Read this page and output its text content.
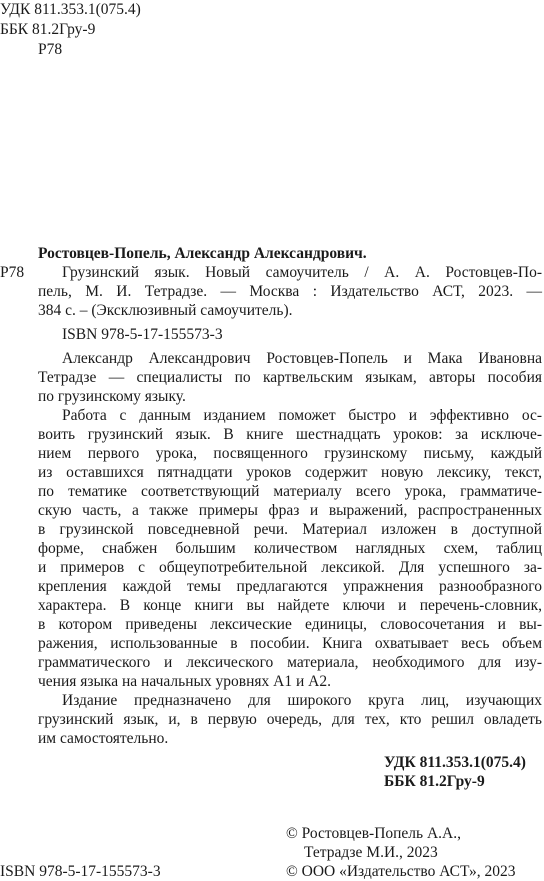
УДК 811.353.1(075.4)
ББК 81.2Гру-9
Р78
Ростовцев-Попель, Александр Александрович.
Р78 Грузинский язык. Новый самоучитель / А. А. Ростовцев-По-
пель, М. И. Тетрадзе. — Москва : Издательство АСТ, 2023. —
384 с. – (Эксклюзивный самоучитель).
ISBN 978-5-17-155573-3
Александр Александрович Ростовцев-Попель и Мака Ивановна
Тетрадзе — специалисты по картвельским языкам, авторы пособия
по грузинскому языку.
Работа с данным изданием поможет быстро и эффективно ос-
воить грузинский язык. В книге шестнадцать уроков: за исключе-
нием первого урока, посвященного грузинскому письму, каждый
из оставшихся пятнадцати уроков содержит новую лексику, текст,
по тематике соответствующий материалу всего урока, грамматиче-
скую часть, а также примеры фраз и выражений, распространенных
в грузинской повседневной речи. Материал изложен в доступной
форме, снабжен большим количеством наглядных схем, таблиц
и примеров с общеупотребительной лексикой. Для успешного за-
крепления каждой темы предлагаются упражнения разнообразного
характера. В конце книги вы найдете ключи и перечень-словник,
в котором приведены лексические единицы, словосочетания и вы-
ражения, использованные в пособии. Книга охватывает весь объем
грамматического и лексического материала, необходимого для изу-
чения языка на начальных уровнях А1 и А2.
Издание предназначено для широкого круга лиц, изучающих
грузинский язык, и, в первую очередь, для тех, кто решил овладеть
им самостоятельно.
УДК 811.353.1(075.4)
ББК 81.2Гру-9
© Ростовцев-Попель А.А.,
Тетрадзе М.И., 2023
ISBN 978-5-17-155573-3	© ООО «Издательство АСТ», 2023
